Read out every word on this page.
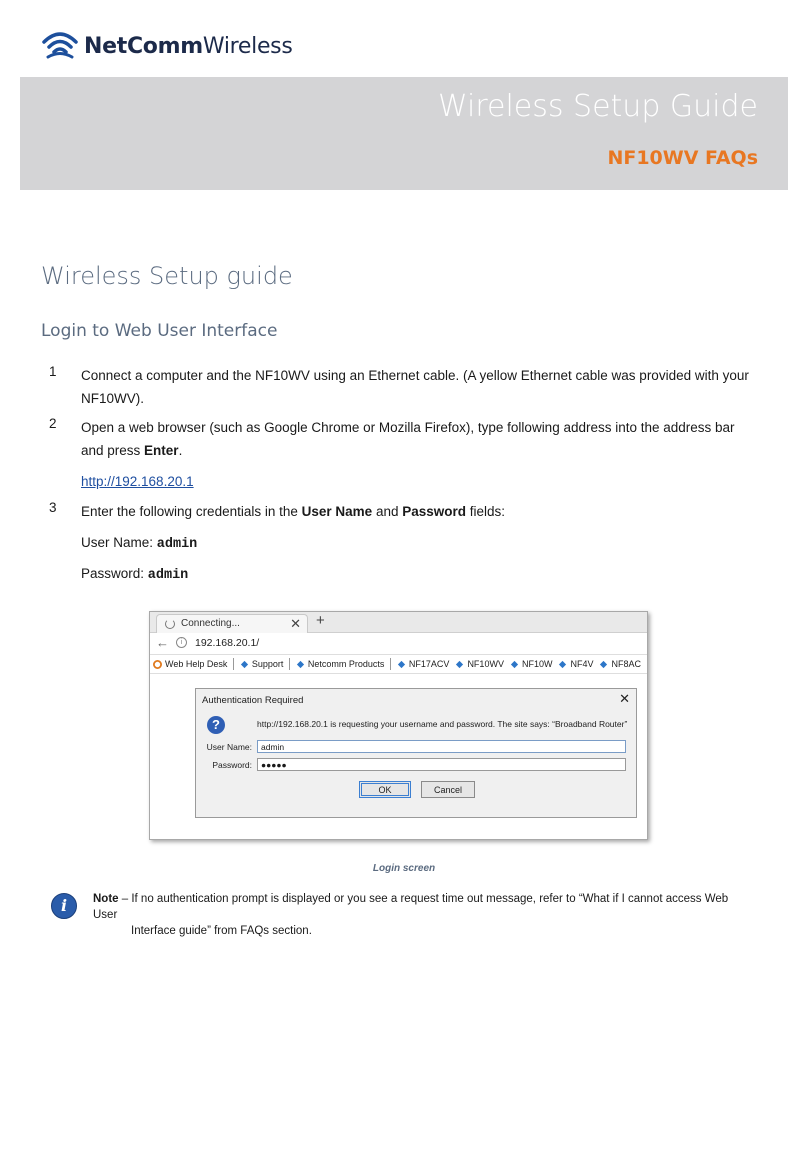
NetCommWireless
Wireless Setup Guide
NF10WV FAQs
Wireless Setup guide
Login to Web User Interface
1 Connect a computer and the NF10WV using an Ethernet cable. (A yellow Ethernet cable was provided with your NF10WV).
2 Open a web browser (such as Google Chrome or Mozilla Firefox), type following address into the address bar and press Enter.
http://192.168.20.1
3 Enter the following credentials in the User Name and Password fields:
User Name: admin
Password: admin
Connecting...	✕ +
←	i	192.168.20.1/
Web Help Desk	Support	Netcomm Products	NF17ACV NF10WV NF10W NF4V NF8AC
Authentication Required	✕
?	http://192.168.20.1 is requesting your username and password. The site says: “Broadband Router”
User Name:	admin
Password:	●●●●●
OK	Cancel
Login screen
i	Note – If no authentication prompt is displayed or you see a request time out message, refer to “What if I cannot access Web User
Interface guide” from FAQs section.
